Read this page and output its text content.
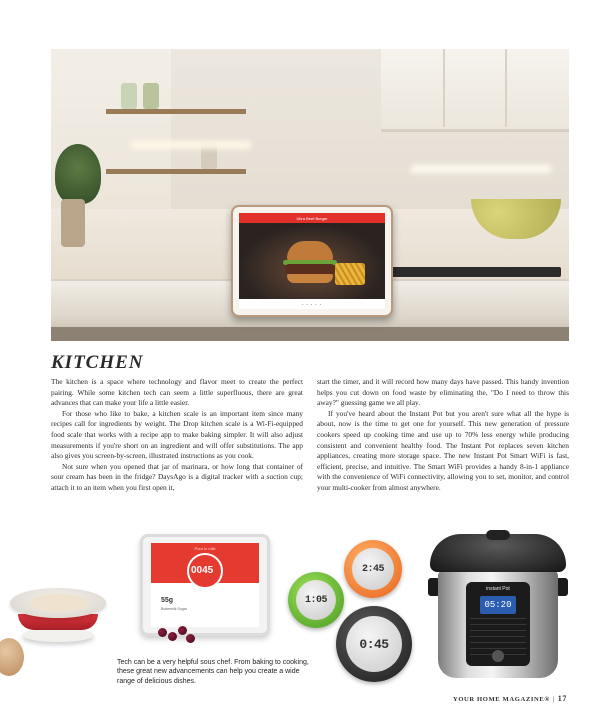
Ultra Beef Burger
• • • • •
KITCHEN

The kitchen is a space where technology and flavor meet to create the perfect pairing. While some kitchen tech can seem a little superfluous, there are great advances that can make your life a little easier.

For those who like to bake, a kitchen scale is an important item since many recipes call for ingredients by weight. The Drop kitchen scale is a Wi-Fi-equipped food scale that works with a recipe app to make baking simpler. It will also adjust measurements if you're short on an ingredient and will offer substitutions. The app also gives you screen-by-screen, illustrated instructions as you cook.

Not sure when you opened that jar of marinara, or how long that container of sour cream has been in the fridge? DaysAgo is a digital tracker with a suction cup; attach it to an item when you first open it,

start the timer, and it will record how many days have passed. This handy invention helps you cut down on food waste by eliminating the, "Do I need to throw this away?" guessing game we all play.

If you've heard about the Instant Pot but you aren't sure what all the hype is about, now is the time to get one for yourself. This new generation of pressure cookers speed up cooking time and use up to 70% less energy while producing consistent and convenient healthy food. The Instant Pot replaces seven kitchen appliances, creating more storage space. The new Instant Pot Smart WiFi is fast, efficient, precise, and intuitive. The Smart WiFi provides a handy 8-in-1 appliance with the convenience of WiFi connectivity, allowing you to set, monitor, and control your multi-cooker from almost anywhere.

Pour in milk
0045
55g
Buttermilk Sugar
1:05
2:45
0:45
instant Pot
05:20

Tech can be a very helpful sous chef. From baking to cooking, these great new advancements can help you create a wide range of delicious dishes.

YOUR HOME MAGAZINE® | 17
